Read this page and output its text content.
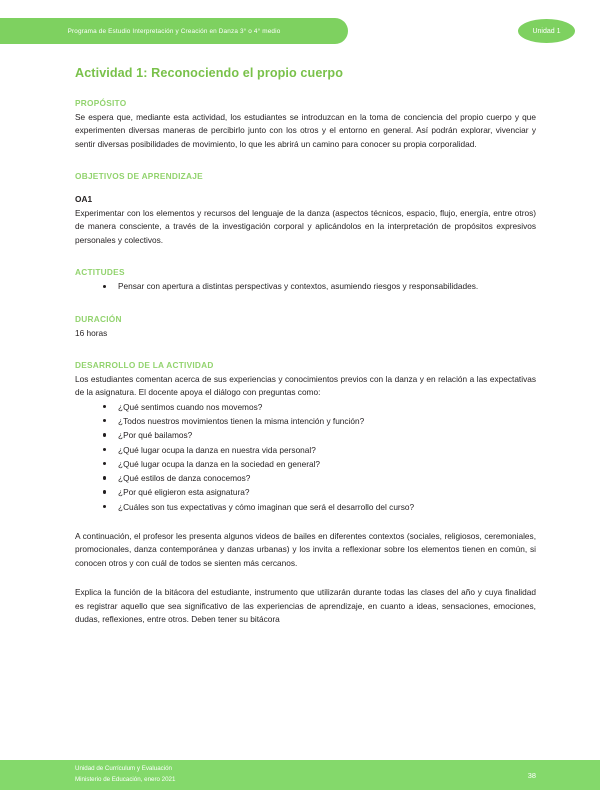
Programa de Estudio Interpretación y Creación en Danza 3° o 4° medio	Unidad 1
Actividad 1: Reconociendo el propio cuerpo
PROPÓSITO

Se espera que, mediante esta actividad, los estudiantes se introduzcan en la toma de conciencia del propio cuerpo y que experimenten diversas maneras de percibirlo junto con los otros y el entorno en general. Así podrán explorar, vivenciar y sentir diversas posibilidades de movimiento, lo que les abrirá un camino para conocer su propia corporalidad.

OBJETIVOS DE APRENDIZAJE
OA1

Experimentar con los elementos y recursos del lenguaje de la danza (aspectos técnicos, espacio, flujo, energía, entre otros) de manera consciente, a través de la investigación corporal y aplicándolos en la interpretación de propósitos expresivos personales y colectivos.

ACTITUDES
Pensar con apertura a distintas perspectivas y contextos, asumiendo riesgos y responsabilidades.
DURACIÓN

16 horas

DESARROLLO DE LA ACTIVIDAD

Los estudiantes comentan acerca de sus experiencias y conocimientos previos con la danza y en relación a las expectativas de la asignatura. El docente apoya el diálogo con preguntas como:

¿Qué sentimos cuando nos movemos?
¿Todos nuestros movimientos tienen la misma intención y función?
¿Por qué bailamos?
¿Qué lugar ocupa la danza en nuestra vida personal?
¿Qué lugar ocupa la danza en la sociedad en general?
¿Qué estilos de danza conocemos?
¿Por qué eligieron esta asignatura?
¿Cuáles son tus expectativas y cómo imaginan que será el desarrollo del curso?

A continuación, el profesor les presenta algunos videos de bailes en diferentes contextos (sociales, religiosos, ceremoniales, promocionales, danza contemporánea y danzas urbanas) y los invita a reflexionar sobre los elementos tienen en común, si conocen otros y con cuál de todos se sienten más cercanos.

Explica la función de la bitácora del estudiante, instrumento que utilizarán durante todas las clases del año y cuya finalidad es registrar aquello que sea significativo de las experiencias de aprendizaje, en cuanto a ideas, sensaciones, emociones, dudas, reflexiones, entre otros. Deben tener su bitácora

Unidad de Currículum y Evaluación
Ministerio de Educación, enero 2021	38
